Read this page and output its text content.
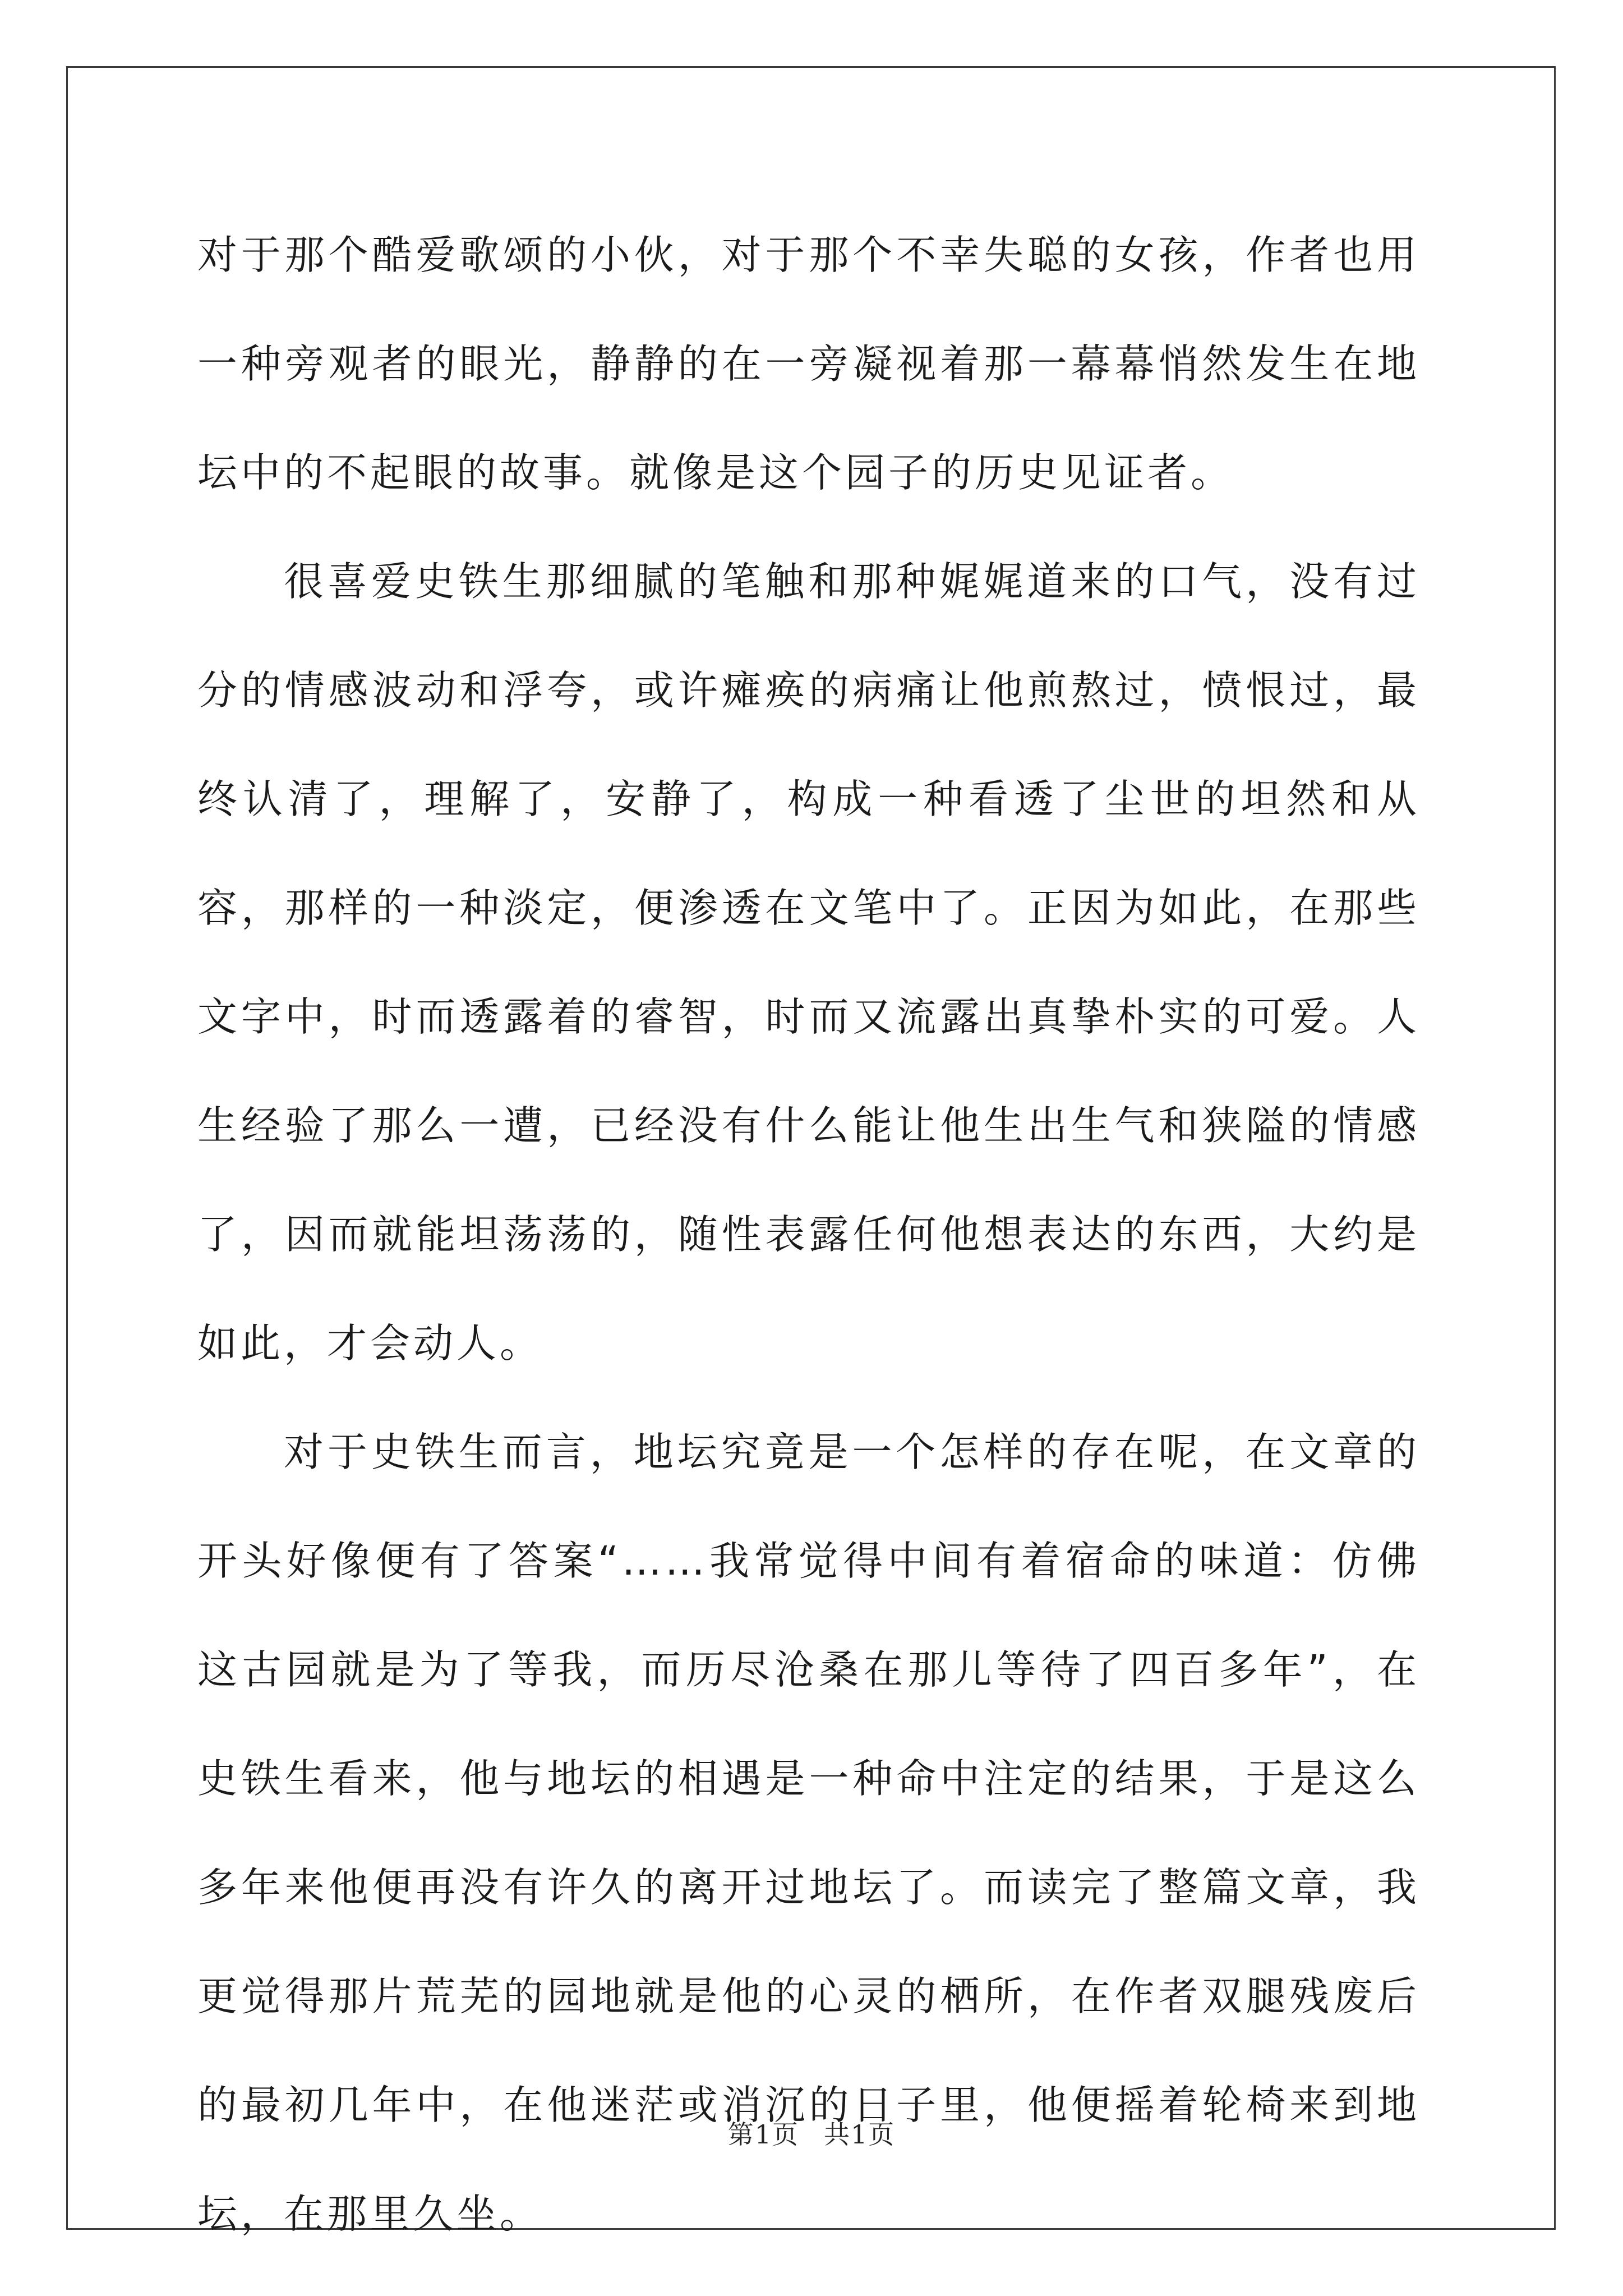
对于那个酷爱歌颂的小伙，对于那个不幸失聪的女孩，作者也用一种旁观者的眼光，静静的在一旁凝视着那一幕幕悄然发生在地坛中的不起眼的故事。就像是这个园子的历史见证者。

很喜爱史铁生那细腻的笔触和那种娓娓道来的口气，没有过分的情感波动和浮夸，或许瘫痪的病痛让他煎熬过，愤恨过，最终认清了，理解了，安静了，构成一种看透了尘世的坦然和从容，那样的一种淡定，便渗透在文笔中了。正因为如此，在那些文字中，时而透露着的睿智，时而又流露出真挚朴实的可爱。人生经验了那么一遭，已经没有什么能让他生出生气和狭隘的情感了，因而就能坦荡荡的，随性表露任何他想表达的东西，大约是如此，才会动人。

对于史铁生而言，地坛究竟是一个怎样的存在呢，在文章的开头好像便有了答案“……我常觉得中间有着宿命的味道：仿佛这古园就是为了等我，而历尽沧桑在那儿等待了四百多年”，在史铁生看来，他与地坛的相遇是一种命中注定的结果，于是这么多年来他便再没有许久的离开过地坛了。而读完了整篇文章，我更觉得那片荒芜的园地就是他的心灵的栖所，在作者双腿残废后的最初几年中，在他迷茫或消沉的日子里，他便摇着轮椅来到地坛，在那里久坐。

第1页 共1页
